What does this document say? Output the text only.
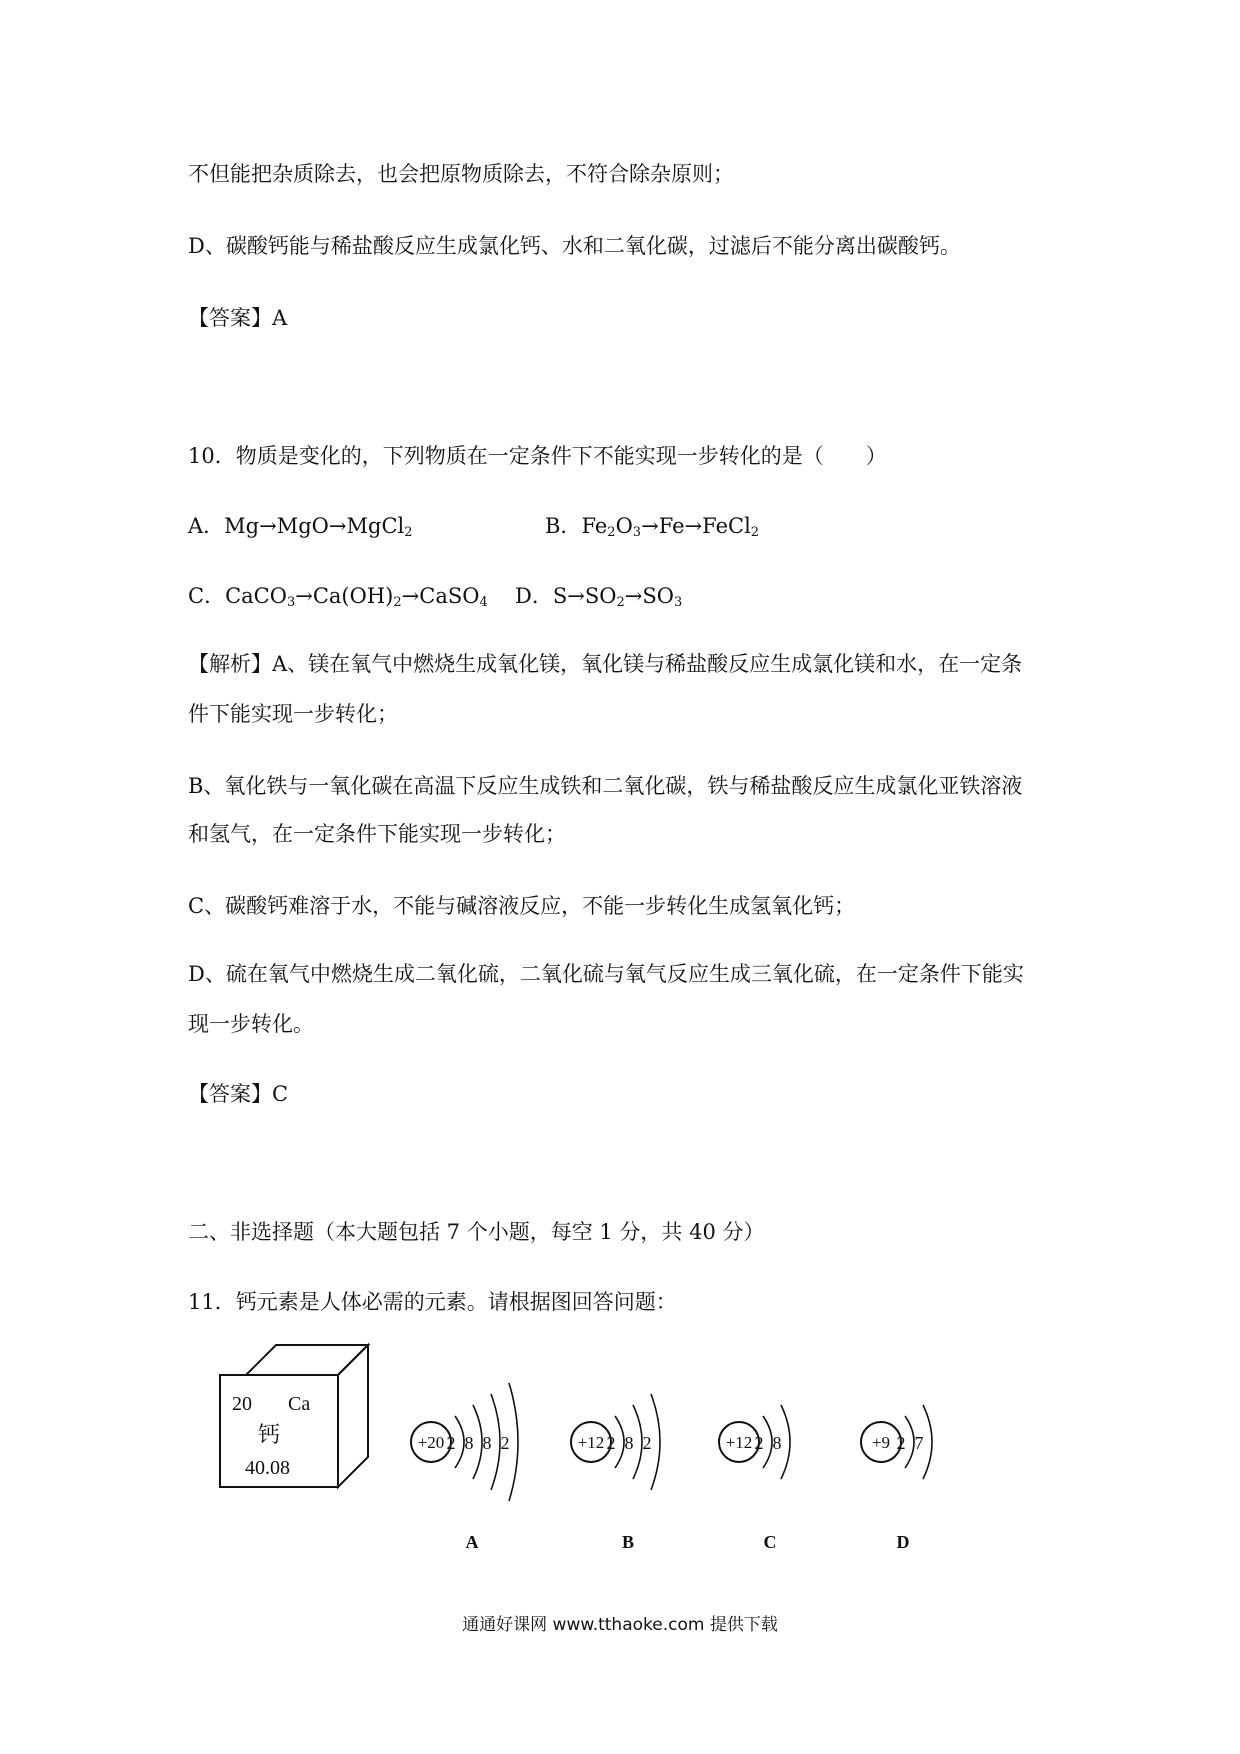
不但能把杂质除去，也会把原物质除去，不符合除杂原则；
D、碳酸钙能与稀盐酸反应生成氯化钙、水和二氧化碳，过滤后不能分离出碳酸钙。
【答案】A
10．物质是变化的，下列物质在一定条件下不能实现一步转化的是（　　）
A．Mg→MgO→MgCl$_2$	B．$Fe_2O_3\to Fe\to FeCl_2$
C．$CaCO_3\to Ca(OH)_2\to CaSO_4$ D．$S\to SO_2\to SO_3$
【解析】A、镁在氧气中燃烧生成氧化镁，氧化镁与稀盐酸反应生成氯化镁和水，在一定条
件下能实现一步转化；
B、氧化铁与一氧化碳在高温下反应生成铁和二氧化碳，铁与稀盐酸反应生成氯化亚铁溶液
和氢气，在一定条件下能实现一步转化；
C、碳酸钙难溶于水，不能与碱溶液反应，不能一步转化生成氢氧化钙；
D、硫在氧气中燃烧生成二氧化硫，二氧化硫与氧气反应生成三氧化硫，在一定条件下能实
现一步转化。
【答案】C
二、非选择题（本大题包括 7 个小题，每空 1 分，共 40 分）
11．钙元素是人体必需的元素。请根据图回答问题：
20 Ca
钙
40.08
+20 2 8 8 2
A
+12 2 8 2
B
+12 2 8
C
+9 2 7
D
通通好课网 www.tthaoke.com 提供下载
